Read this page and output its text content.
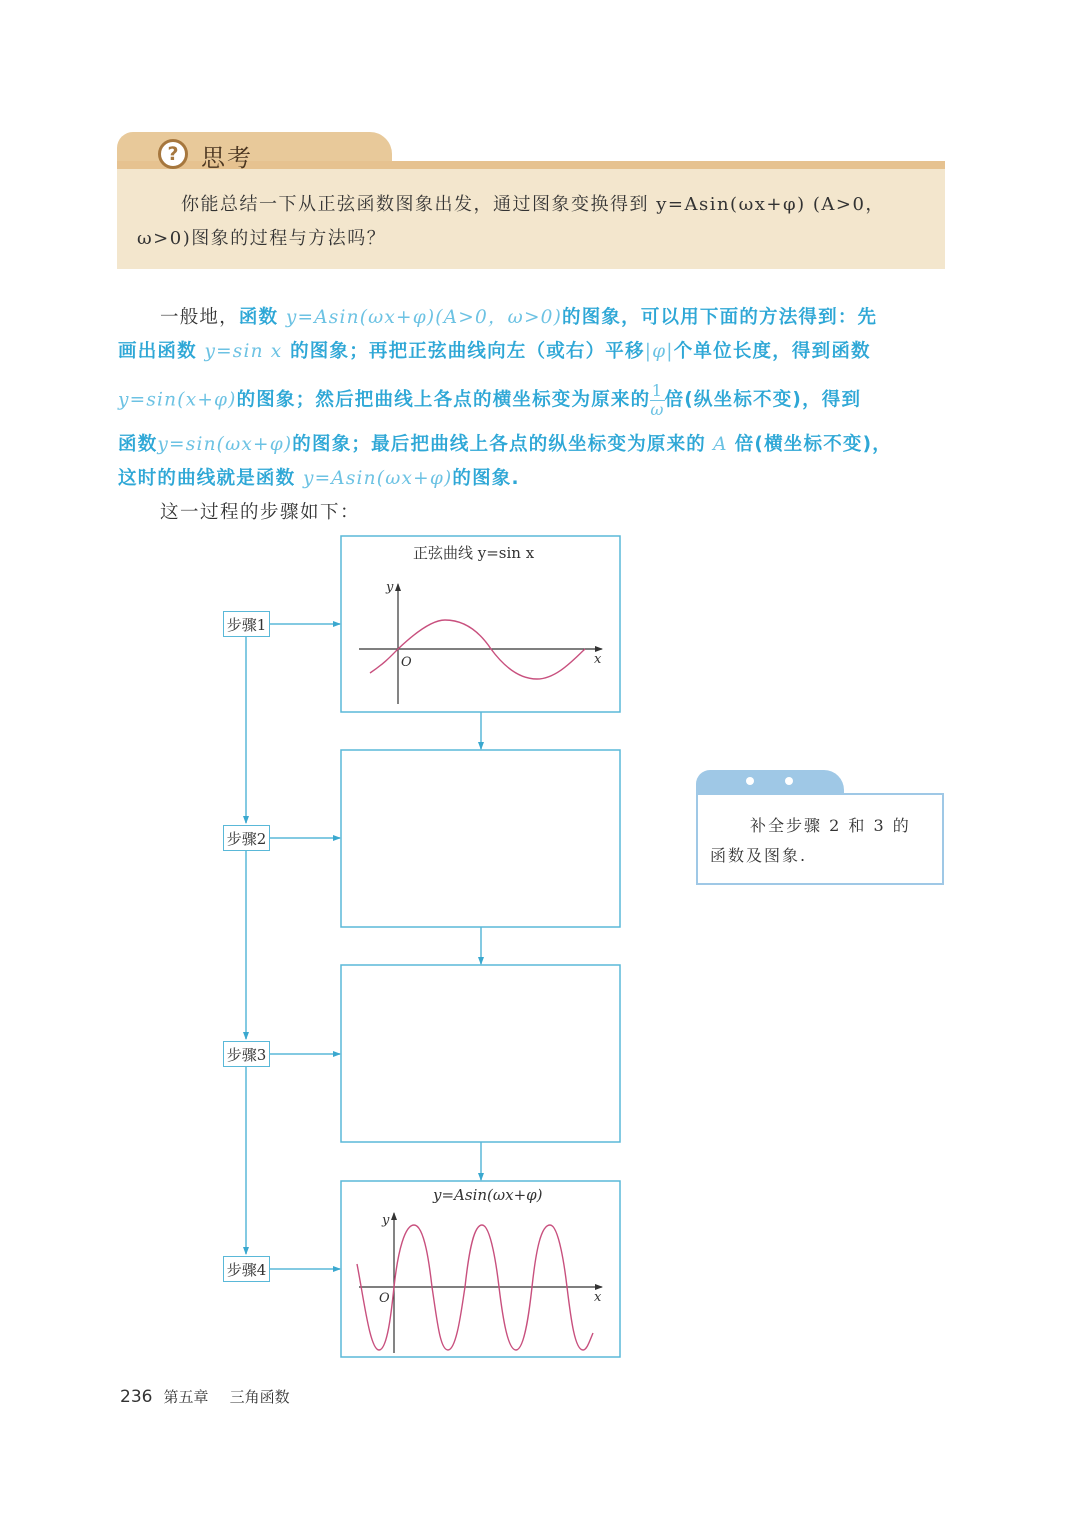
? 思考
你能总结一下从正弦函数图象出发，通过图象变换得到 y=Asin(ωx+φ) (A>0，ω>0)图象的过程与方法吗？
一般地，函数 y=Asin(ωx+φ)(A>0，ω>0)的图象，可以用下面的方法得到：先
画出函数 y=sin x 的图象；再把正弦曲线向左（或右）平移|φ|个单位长度，得到函数
y=sin(x+φ)的图象；然后把曲线上各点的横坐标变为原来的 $\frac{1}{\omega}$ 倍(纵坐标不变)，得到
函数y=sin(ωx+φ)的图象；最后把曲线上各点的纵坐标变为原来的 A 倍(横坐标不变)，
这时的曲线就是函数 y=Asin(ωx+φ)的图象.
这一过程的步骤如下：
y
O	x
y
O	x
正弦曲线 y=sin x
y=Asin(ωx+φ)
步骤1
步骤2
步骤3
步骤4
补全步骤 2 和 3 的函数及图象.
236 第五章 三角函数
